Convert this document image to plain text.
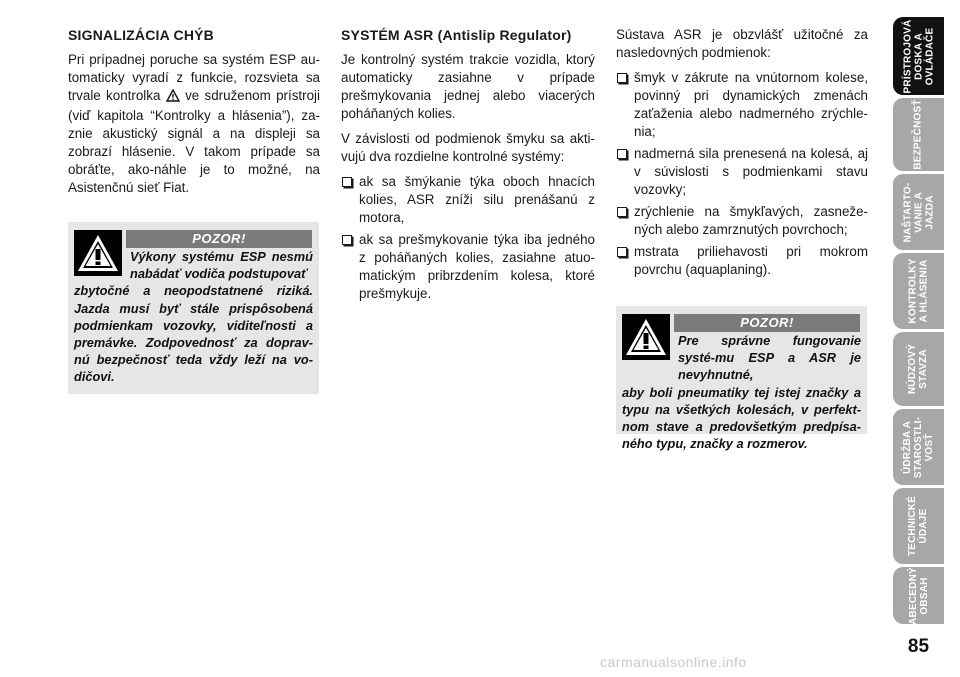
SIGNALIZÁCIA CHÝB

Pri prípadnej poruche sa systém ESP au-tomaticky vyradí z funkcie, rozsvieta sa trvale kontrolka ! ve sdruženom prístroji (viď kapitola “Kontrolky a hlásenia”), za-znie akustický signál a na displeji sa zobrazí hlásenie. V takom prípade sa obráťte, ako-náhle je to možné, na Asistenčnú sieť Fiat.

POZOR!
Výkony systému ESP nesmú nabádať vodiča podstupovať
zbytočné a neopodstatnené riziká. Jazda musí byť stále prispôsobená podmienkam vozovky, viditeľnosti a premávke. Zodpovednosť za doprav-nú bezpečnosť teda vždy leží na vo-dičovi.
SYSTÉM ASR (Antislip Regulator)

Je kontrolný systém trakcie vozidla, ktorý automaticky zasiahne v prípade prešmykovania jednej alebo viacerých poháňaných kolies.

V závislosti od podmienok šmyku sa akti-vujú dva rozdielne kontrolné systémy:

ak sa šmýkanie týka oboch hnacích kolies, ASR zníži silu prenášanú z motora,
ak sa prešmykovanie týka iba jedného z poháňaných kolies, zasiahne atuo-matickým pribrzdením kolesa, ktoré prešmykuje.

Sústava ASR je obzvlášť užitočné za nasledovných podmienok:

šmyk v zákrute na vnútornom kolese, povinný pri dynamických zmenách zaťaženia alebo nadmerného zrýchle-nia;
nadmerná sila prenesená na kolesá, aj v súvislosti s podmienkami stavu vozovky;
zrýchlenie na šmykľavých, zasneže-ných alebo zamrznutých povrchoch;
mstrata priliehavosti pri mokrom povrchu (aquaplaning).
POZOR!
Pre správne fungovanie systé-mu ESP a ASR je nevyhnutné,
aby boli pneumatiky tej istej značky a typu na všetkých kolesách, v perfekt-nom stave a predovšetkým predpísa-ného typu, značky a rozmerov.
PRÍSTROJOVÁ
DOSKA A
OVLÁDAČE
BEZPEČNOSŤ
NAŠTARTO-
VANIE A
JAZDA
KONTROLKY
A HLÁSENIA
NÚDZOVÝ
STAVZA
ÚDRŽBA A
STAROSTLI-
VOSŤ
TECHNICKÉ
ÚDAJE
ABECEDNÝ
OBSAH
85
carmanualsonline.info
